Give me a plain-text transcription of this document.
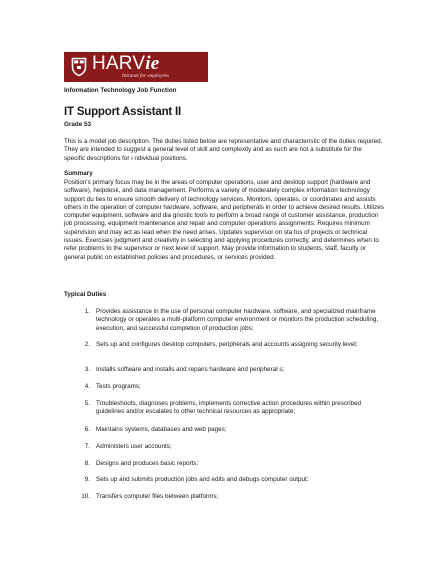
HARVie
Intranet for employees
Information Technology Job Function
IT Support Assistant II
Grade 53
This is a model job description. The duties listed below are representative and characteristic of the duties required. They are intended to suggest a general level of skill and complexity and as such are not a substitute for the specific descriptions for i ndividual positions.
Summary
Position's primary focus may be in the areas of computer operations, user and desktop support (hardware and software), helpdesk, and data management. Performs a variety of moderately complex information technology support du ties to ensure smooth delivery of technology services. Monitors, operates, or coordinates and assists others in the operation of computer hardware, software, and peripherals in order to achieve desired results. Utilizes computer equipment, software and dia gnostic tools to perform a broad range of customer assistance, production job processing, equipment maintenance and repair and computer operations assignments. Requires minimum supervision and may act as lead when the need arises. Updates supervisor on sta tus of projects or technical issues. Exercises judgment and creativity in selecting and applying procedures correctly, and determines when to refer problems to the supervisor or next level of support. May provide information to students, staff, faculty or general public on established policies and procedures, or services provided.
Typical Duties
1. Provides assistance in the use of personal computer hardware, software, and specialized mainframe technology or operates a multi-platform computer environment or monitors the production scheduling, execution, and successful completion of production jobs;
2. Sets up and configures desktop computers, peripherals and accounts assigning security level;
3. Installs software and installs and repairs hardware and peripheral s;
4. Tests programs;
5. Troubleshoots, diagnoses problems, implements corrective action procedures within prescribed guidelines and/or escalates to other technical resources as appropriate;
6. Maintains systems, databases and web pages;
7. Administers user accounts;
8. Designs and produces basic reports;
9. Sets up and submits production jobs and edits and debugs computer output;
10. Transfers computer files between platforms;
